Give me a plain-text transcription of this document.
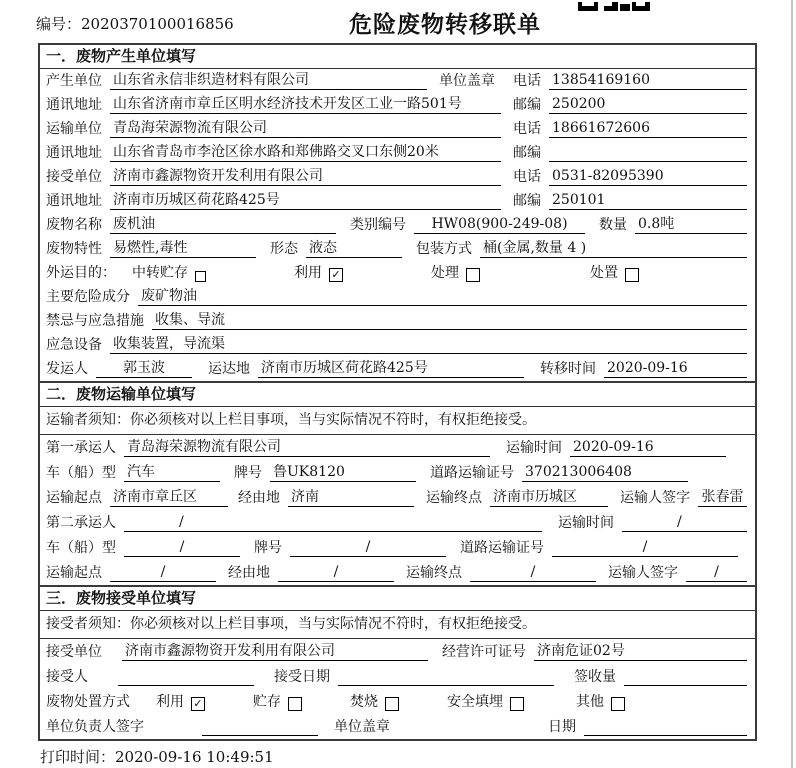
编号：2020370100016856	危险废物转移联单
一．废物产生单位填写
产生单位 山东省永信非织造材料有限公司	单位盖章 电话 13854169160
通讯地址 山东省济南市章丘区明水经济技术开发区工业一路501号	邮编 250200
运输单位 青岛海荣源物流有限公司	电话 18661672606
通讯地址 山东省青岛市李沧区徐水路和郑佛路交叉口东侧20米	邮编
接受单位 济南市鑫源物资开发利用有限公司	电话 0531-82095390
通讯地址 济南市历城区荷花路425号	邮编 250101
废物名称 废机油	类别编号	HW08(900-249-08)	数量 0.8吨
废物特性 易燃性,毒性	形态 液态	包装方式 桶(金属,数量 4 )
外运目的： 中转贮存	利用 ✓	处理	处置
主要危险成分 废矿物油
禁忌与应急措施 收集、导流
应急设备 收集装置，导流渠
发运人	郭玉波	运达地 济南市历城区荷花路425号	转移时间 2020-09-16
二．废物运输单位填写
运输者须知：你必须核对以上栏目事项，当与实际情况不符时，有权拒绝接受。
第一承运人 青岛海荣源物流有限公司	运输时间 2020-09-16
车（船）型 汽车	牌号 鲁UK8120	道路运输证号 370213006408
运输起点 济南市章丘区	经由地 济南	运输终点 济南市历城区	运输人签字 张春雷
第二承运人	/	运输时间	/
车（船）型	/	牌号	/	道路运输证号	/
运输起点	/	经由地	/	运输终点	/	运输人签字	/
三．废物接受单位填写
接受者须知：你必须核对以上栏目事项，当与实际情况不符时，有权拒绝接受。
接受单位 济南市鑫源物资开发利用有限公司	经营许可证号 济南危证02号
接受人	接受日期	签收量
废物处置方式 利用 ✓	贮存	焚烧	安全填埋	其他
单位负责人签字	单位盖章	日期
打印时间：2020-09-16 10:49:51
